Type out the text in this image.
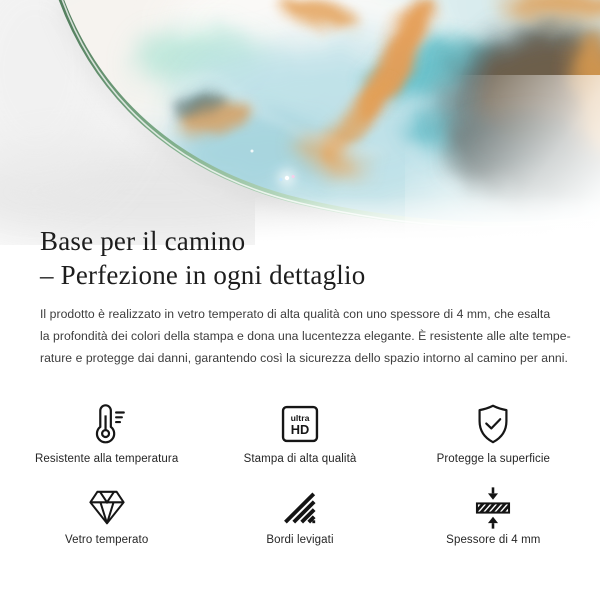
Base per il camino
– Perfezione in ogni dettaglio
Il prodotto è realizzato in vetro temperato di alta qualità con uno spessore di 4 mm, che esalta
la profondità dei colori della stampa e dona una lucentezza elegante. È resistente alle alte tempe-
rature e protegge dai danni, garantendo così la sicurezza dello spazio intorno al camino per anni.
Resistente alla temperatura
ultra
HD
Stampa di alta qualità	Protegge la superficie
Vetro temperato	Bordi levigati	Spessore di 4 mm
